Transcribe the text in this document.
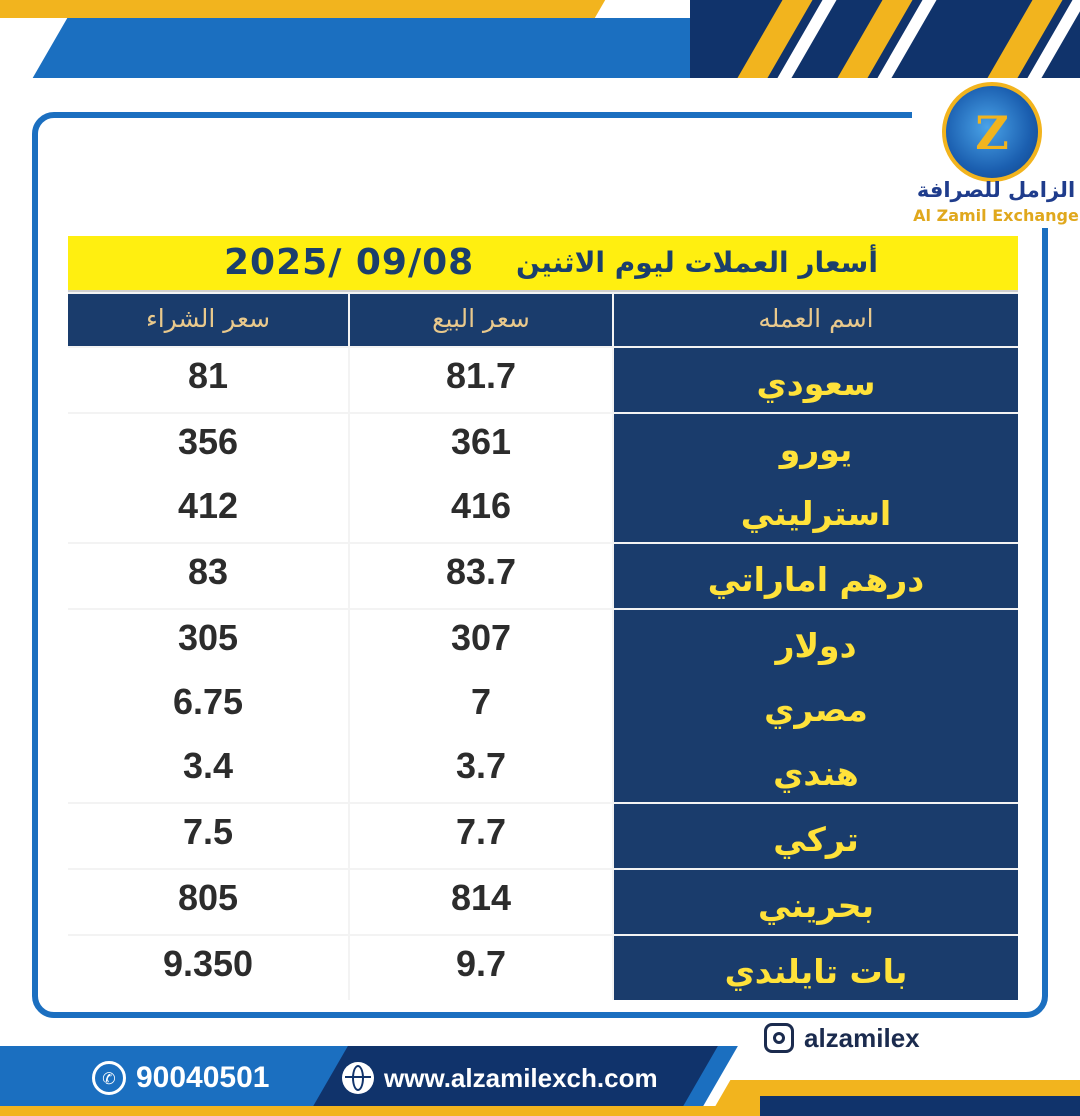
Z
الزامل للصرافة
Al Zamil Exchange
2025/ 09/08 أسعار العملات ليوم الاثنين
سعر الشراء	سعر البيع	اسم العمله
81	81.7	سعودي
356	361	يورو
412	416	استرليني
83	83.7	درهم اماراتي
305	307	دولار
6.75	7	مصري
3.4	3.7	هندي
7.5	7.7	تركي
805	814	بحريني
9.350	9.7	بات تايلندي
alzamilex
✆ 90040501	www.alzamilexch.com
